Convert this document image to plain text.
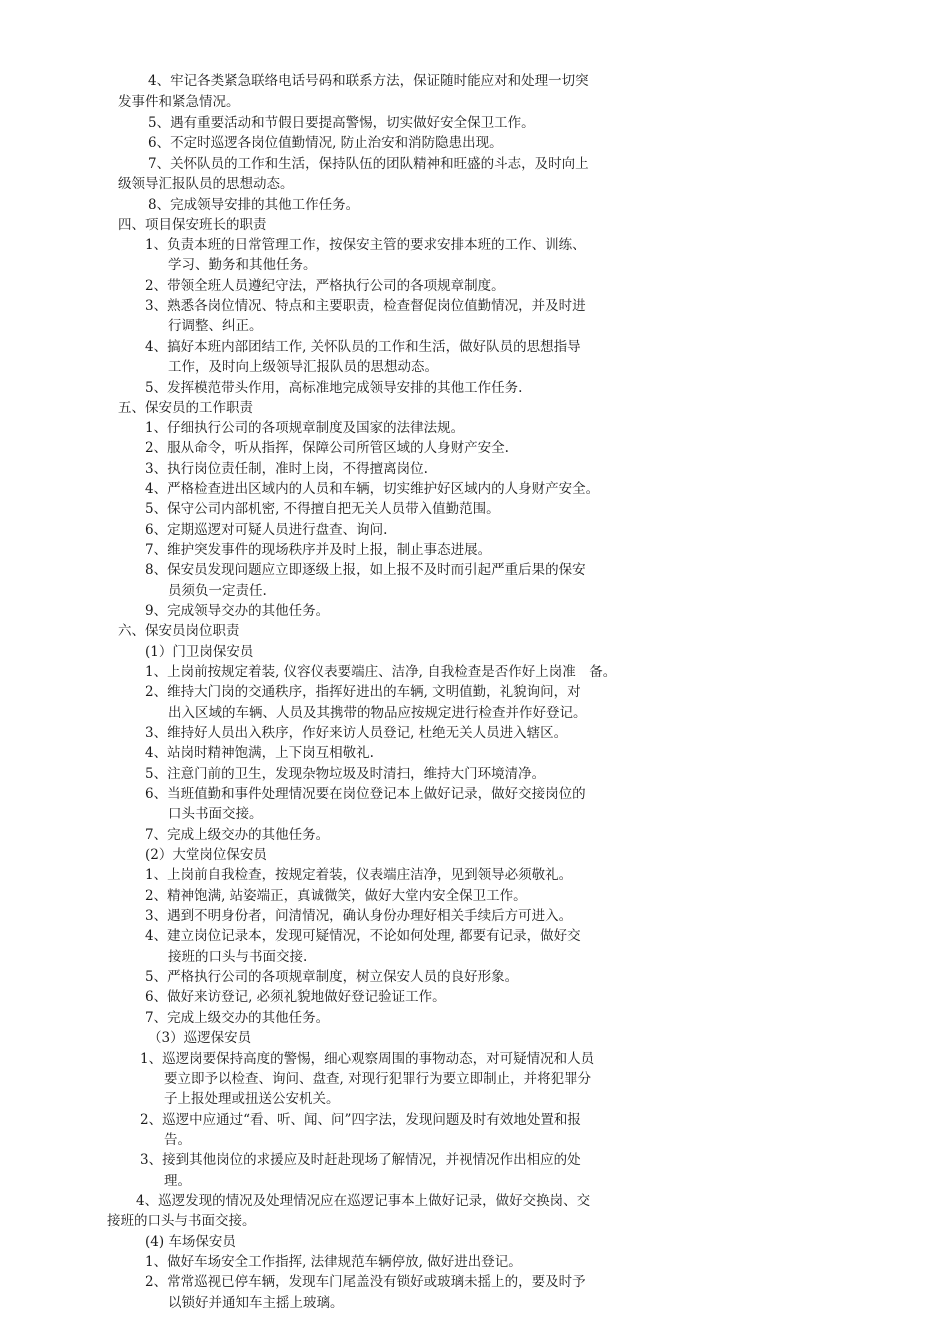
4、牢记各类紧急联络电话号码和联系方法，保证随时能应对和处理一切突
发事件和紧急情况。
5、遇有重要活动和节假日要提高警惕，切实做好安全保卫工作。
6、不定时巡逻各岗位值勤情况, 防止治安和消防隐患出现。
7、关怀队员的工作和生活，保持队伍的团队精神和旺盛的斗志，及时向上
级领导汇报队员的思想动态。
8、完成领导安排的其他工作任务。
四、项目保安班长的职责
1、负责本班的日常管理工作，按保安主管的要求安排本班的工作、训练、
学习、勤务和其他任务。
2、带领全班人员遵纪守法，严格执行公司的各项规章制度。
3、熟悉各岗位情况、特点和主要职责，检查督促岗位值勤情况，并及时进
行调整、纠正。
4、搞好本班内部团结工作, 关怀队员的工作和生活，做好队员的思想指导
工作，及时向上级领导汇报队员的思想动态。
5、发挥模范带头作用，高标准地完成领导安排的其他工作任务.
五、保安员的工作职责
1、仔细执行公司的各项规章制度及国家的法律法规。
2、服从命令，听从指挥，保障公司所管区域的人身财产安全.
3、执行岗位责任制，准时上岗，不得擅离岗位.
4、严格检查进出区域内的人员和车辆，切实维护好区域内的人身财产安全。
5、保守公司内部机密, 不得擅自把无关人员带入值勤范围。
6、定期巡逻对可疑人员进行盘查、询问.
7、维护突发事件的现场秩序并及时上报，制止事态进展。
8、保安员发现问题应立即逐级上报，如上报不及时而引起严重后果的保安
员须负一定责任.
9、完成领导交办的其他任务。
六、保安员岗位职责
(1）门卫岗保安员
1、上岗前按规定着装, 仪容仪表要端庄、洁净, 自我检查是否作好上岗准　备。
2、维持大门岗的交通秩序，指挥好进出的车辆, 文明值勤，礼貌询问，对
出入区域的车辆、人员及其携带的物品应按规定进行检查并作好登记。
3、维持好人员出入秩序，作好来访人员登记, 杜绝无关人员进入辖区。
4、站岗时精神饱满，上下岗互相敬礼.
5、注意门前的卫生，发现杂物垃圾及时清扫，维持大门环境清净。
6、当班值勤和事件处理情况要在岗位登记本上做好记录，做好交接岗位的
口头书面交接。
7、完成上级交办的其他任务。
(2）大堂岗位保安员
1、上岗前自我检查，按规定着装，仪表端庄洁净，见到领导必须敬礼。
2、精神饱满, 站姿端正，真诚微笑，做好大堂内安全保卫工作。
3、遇到不明身份者，问清情况，确认身份办理好相关手续后方可进入。
4、建立岗位记录本，发现可疑情况，不论如何处理, 都要有记录，做好交
接班的口头与书面交接.
5、严格执行公司的各项规章制度，树立保安人员的良好形象。
6、做好来访登记, 必须礼貌地做好登记验证工作。
7、完成上级交办的其他任务。
（3）巡逻保安员
1、巡逻岗要保持高度的警惕，细心观察周围的事物动态，对可疑情况和人员
要立即予以检查、询问、盘查, 对现行犯罪行为要立即制止，并将犯罪分
子上报处理或扭送公安机关。
2、巡逻中应通过“看、听、闻、问”四字法，发现问题及时有效地处置和报
告。
3、接到其他岗位的求援应及时赶赴现场了解情况，并视情况作出相应的处
理。
4、巡逻发现的情况及处理情况应在巡逻记事本上做好记录，做好交换岗、交
接班的口头与书面交接。
(4) 车场保安员
1、做好车场安全工作指挥, 法律规范车辆停放, 做好进出登记。
2、常常巡视已停车辆，发现车门尾盖没有锁好或玻璃未摇上的，要及时予
以锁好并通知车主摇上玻璃。
